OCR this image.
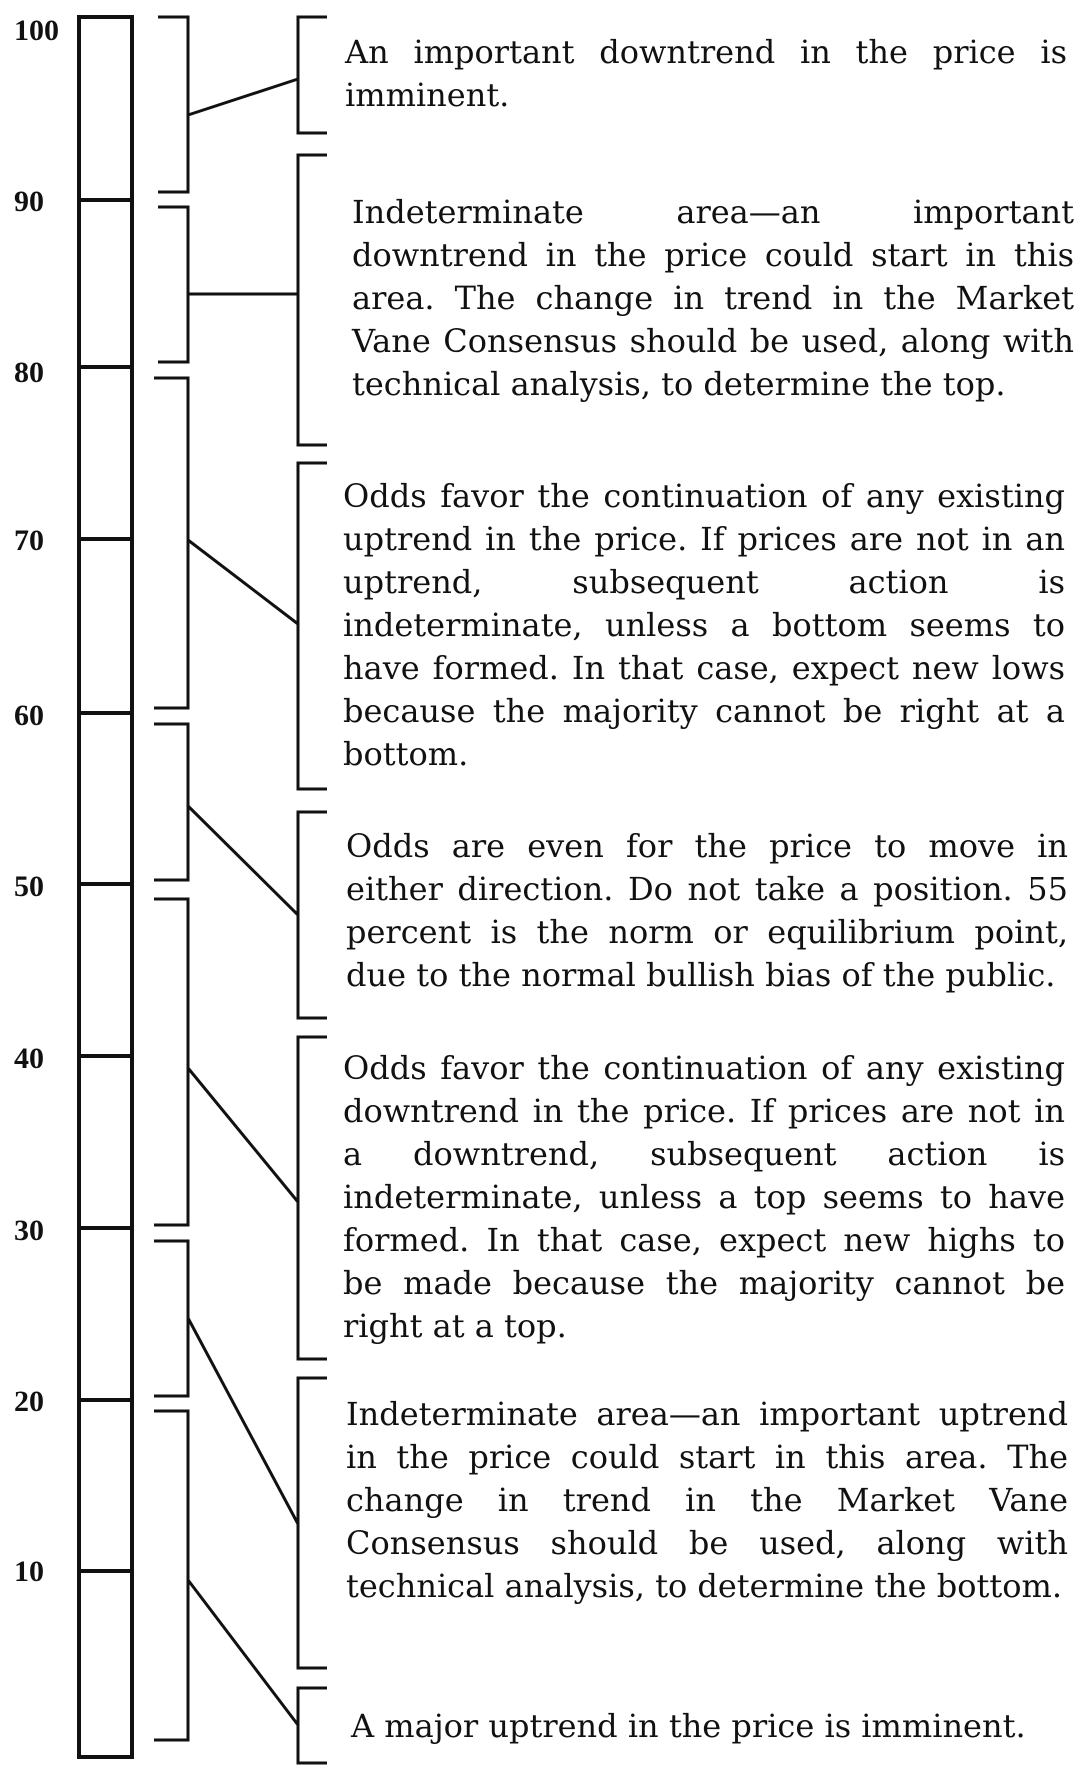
100
90
80
70
60
50
40
30
20
10

An important downtrend in the price is imminent.

Indeterminate area—an important downtrend in the price could start in this area. The change in trend in the Market Vane Consensus should be used, along with technical analysis, to determine the top.

Odds favor the continuation of any existing uptrend in the price. If prices are not in an uptrend, subsequent action is indeterminate, unless a bottom seems to have formed. In that case, expect new lows because the majority cannot be right at a bottom.

Odds are even for the price to move in either direction. Do not take a position. 55 percent is the norm or equilibrium point, due to the normal bullish bias of the public.

Odds favor the continuation of any existing downtrend in the price. If prices are not in a downtrend, subsequent action is indeterminate, unless a top seems to have formed. In that case, expect new highs to be made because the majority cannot be right at a top.

Indeterminate area—an important uptrend in the price could start in this area. The change in trend in the Market Vane Consensus should be used, along with technical analysis, to determine the bottom.

A major uptrend in the price is imminent.
